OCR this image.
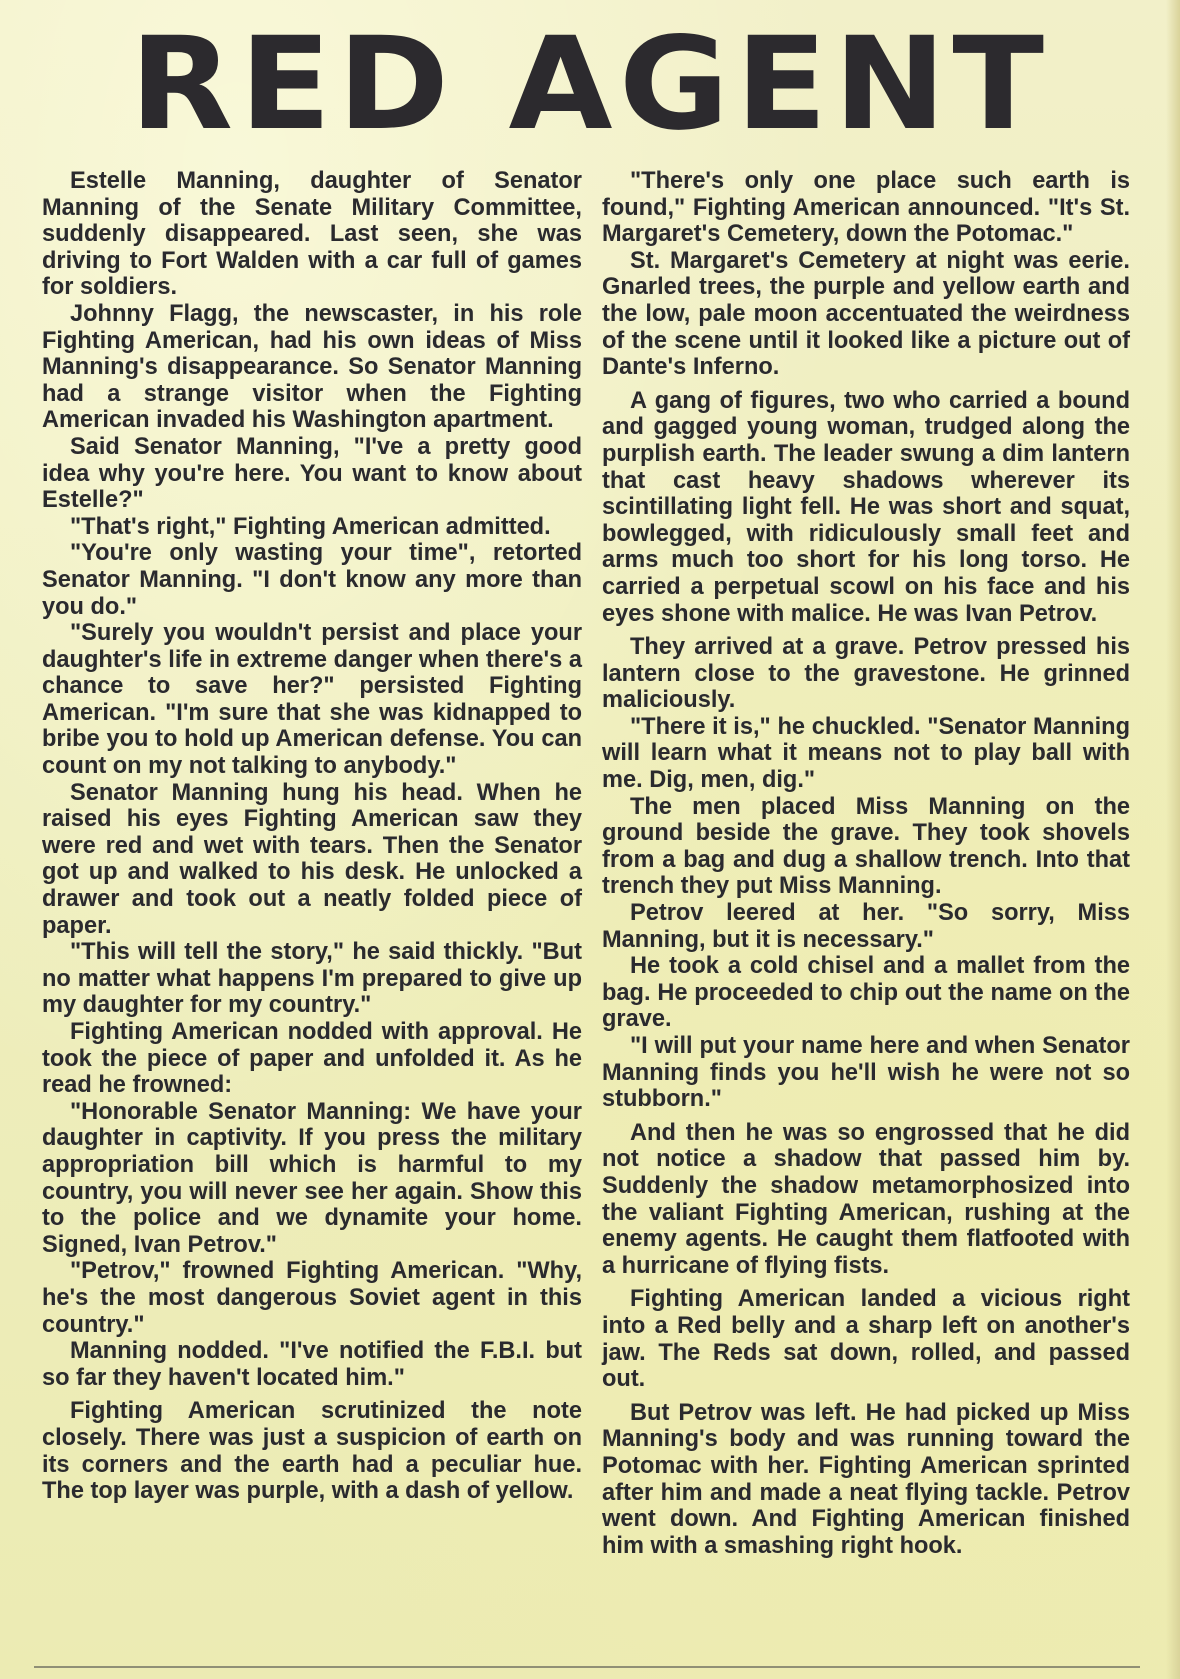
RED AGENT

Estelle Manning, daughter of Senator Manning of the Senate Military Committee, suddenly disappeared. Last seen, she was driving to Fort Walden with a car full of games for soldiers.

Johnny Flagg, the newscaster, in his role Fighting American, had his own ideas of Miss Manning's disappearance. So Senator Manning had a strange visitor when the Fighting American invaded his Washington apartment.

Said Senator Manning, "I've a pretty good idea why you're here. You want to know about Estelle?"

"That's right," Fighting American admitted.

"You're only wasting your time", retorted Senator Manning. "I don't know any more than you do."

"Surely you wouldn't persist and place your daughter's life in extreme danger when there's a chance to save her?" persisted Fighting American. "I'm sure that she was kidnapped to bribe you to hold up American defense. You can count on my not talking to anybody."

Senator Manning hung his head. When he raised his eyes Fighting American saw they were red and wet with tears. Then the Senator got up and walked to his desk. He unlocked a drawer and took out a neatly folded piece of paper.

"This will tell the story," he said thickly. "But no matter what happens I'm prepared to give up my daughter for my country."

Fighting American nodded with approval. He took the piece of paper and unfolded it. As he read he frowned:

"Honorable Senator Manning: We have your daughter in captivity. If you press the military appropriation bill which is harmful to my country, you will never see her again. Show this to the police and we dynamite your home. Signed, Ivan Petrov."

"Petrov," frowned Fighting American. "Why, he's the most dangerous Soviet agent in this country."

Manning nodded. "I've notified the F.B.I. but so far they haven't located him."

Fighting American scrutinized the note closely. There was just a suspicion of earth on its corners and the earth had a peculiar hue. The top layer was purple, with a dash of yellow.

"There's only one place such earth is found," Fighting American announced. "It's St. Margaret's Cemetery, down the Potomac."

St. Margaret's Cemetery at night was eerie. Gnarled trees, the purple and yellow earth and the low, pale moon accentuated the weirdness of the scene until it looked like a picture out of Dante's Inferno.

A gang of figures, two who carried a bound and gagged young woman, trudged along the purplish earth. The leader swung a dim lantern that cast heavy shadows wherever its scintillating light fell. He was short and squat, bowlegged, with ridiculously small feet and arms much too short for his long torso. He carried a perpetual scowl on his face and his eyes shone with malice. He was Ivan Petrov.

They arrived at a grave. Petrov pressed his lantern close to the gravestone. He grinned maliciously.

"There it is," he chuckled. "Senator Manning will learn what it means not to play ball with me. Dig, men, dig."

The men placed Miss Manning on the ground beside the grave. They took shovels from a bag and dug a shallow trench. Into that trench they put Miss Manning.

Petrov leered at her. "So sorry, Miss Manning, but it is necessary."

He took a cold chisel and a mallet from the bag. He proceeded to chip out the name on the grave.

"I will put your name here and when Senator Manning finds you he'll wish he were not so stubborn."

And then he was so engrossed that he did not notice a shadow that passed him by. Suddenly the shadow metamorphosized into the valiant Fighting American, rushing at the enemy agents. He caught them flatfooted with a hurricane of flying fists.

Fighting American landed a vicious right into a Red belly and a sharp left on another's jaw. The Reds sat down, rolled, and passed out.

But Petrov was left. He had picked up Miss Manning's body and was running toward the Potomac with her. Fighting American sprinted after him and made a neat flying tackle. Petrov went down. And Fighting American finished him with a smashing right hook.
